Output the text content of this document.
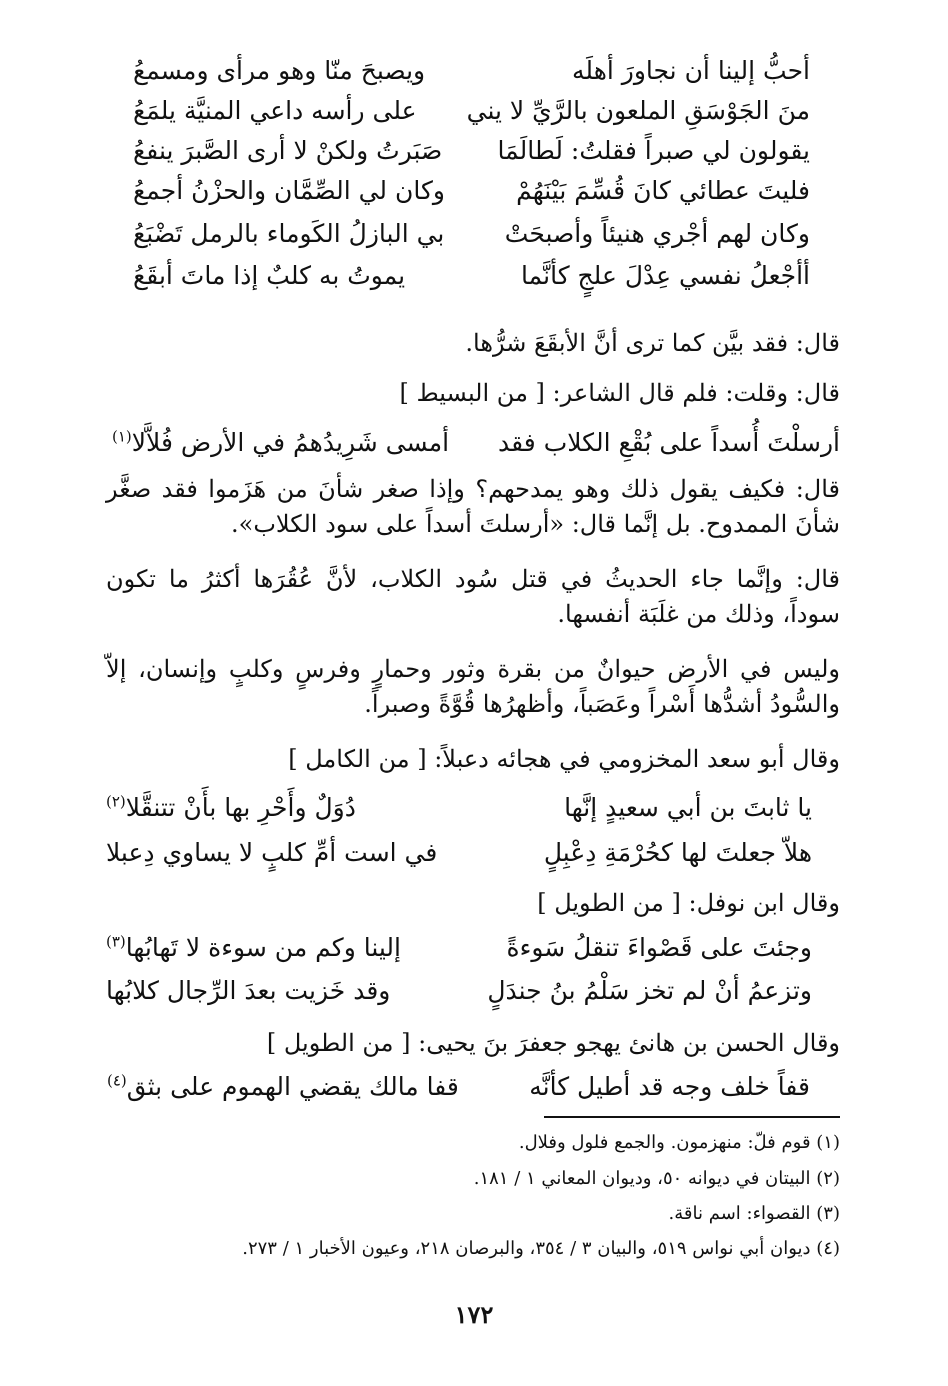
أحبُّ إلينا أن نجاورَ أهلَه
ويصبحَ منّا وهو مرأى ومسمعُ
منَ الجَوْسَقِ الملعون بالرَّيِّ لا يني
على رأسه داعي المنيَّة يلمَعُ
يقولون لي صبراً فقلتُ: لَطالَمَا
صَبَرتُ ولكنْ لا أرى الصَّبرَ ينفعُ
فليتَ عطائي كانَ قُسِّمَ بَيْنَهُمْ
وكان لي الصِّمَّان والحزْنُ أجمعُ
وكان لهم أجْري هنيئاً وأصبحَتْ
بي البازلُ الكَوماء بالرمل تَضْبَعُ
أأجْعلُ نفسي عِدْلَ علجٍ كأنَّما
يموتُ به كلبٌ إذا ماتَ أبقَعُ
قال: فقد بيَّن كما ترى أنَّ الأبقَعَ شرُّها.
قال: وقلت: فلم قال الشاعر: [ من البسيط ]
أرسلْتَ أُسداً على بُقْعِ الكلاب فقد
أمسى شَرِيدُهمُ في الأرض فُلاَّلا$^{(١)}$
قال: فكيف يقول ذلك وهو يمدحهم؟ وإذا صغر شأنَ من هَزَموا فقد صغَّر شأنَ الممدوح. بل إنَّما قال: «أرسلتَ أسداً على سود الكلاب».
قال: وإنَّما جاء الحديثُ في قتل سُود الكلاب، لأنَّ عُقُرَها أكثرُ ما تكون سوداً، وذلك من غلَبَة أنفسها.
وليس في الأرض حيوانٌ من بقرة وثور وحمارٍ وفرسٍ وكلبٍ وإنسان، إلاّ والسُّودُ أشدُّها أَسْراً وعَصَباً، وأظهرُها قُوَّةً وصبراً.
وقال أبو سعد المخزومي في هجائه دعبلاً: [ من الكامل ]
يا ثابتَ بن أبي سعيدٍ إنَّها
دُوَلٌ وأَحْرِ بها بأَنْ تتنقَّلا$^{(٢)}$
هلاّ جعلتَ لها كحُرْمَةِ دِعْبِلٍ
في است أمِّ كلبٍ لا يساوي دِعبلا
وقال ابن نوفل: [ من الطويل ]
وجئتَ على قَصْواءَ تنقلُ سَوءةً
إلينا وكم من سوءة لا تَهابُها$^{(٣)}$
وتزعمُ أنْ لم تخز سَلْمُ بنُ جندَلٍ
وقد خَزيت بعدَ الرِّجال كلابُها
وقال الحسن بن هانئ يهجو جعفرَ بنَ يحيى: [ من الطويل ]
قفاً خلف وجه قد أطيل كأنَّه
قفا مالك يقضي الهموم على بثق$^{(٤)}$
(١) قوم فلّ: منهزمون. والجمع فلول وفلال.
(٢) البيتان في ديوانه ٥٠، وديوان المعاني ١ / ١٨١.
(٣) القصواء: اسم ناقة.
(٤) ديوان أبي نواس ٥١٩، والبيان ٣ / ٣٥٤، والبرصان ٢١٨، وعيون الأخبار ١ / ٢٧٣.
١٧٢
